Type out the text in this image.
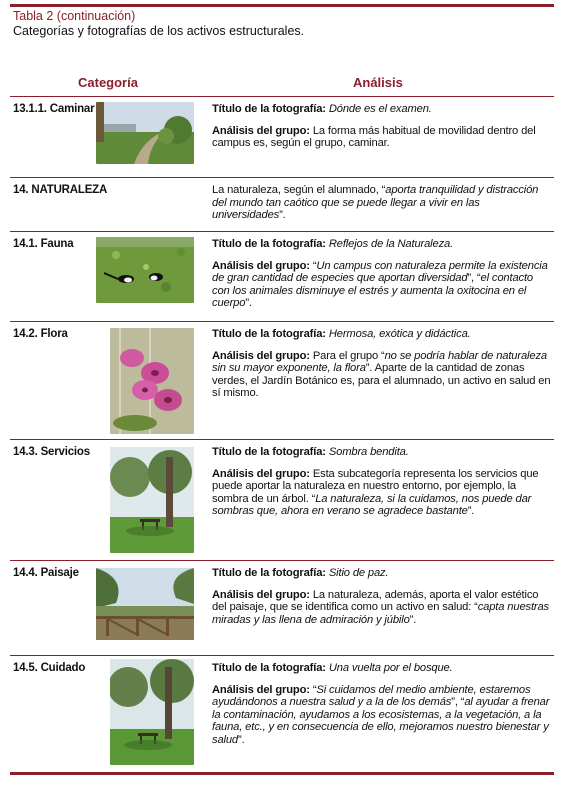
Tabla 2 (continuación)
Categorías y fotografías de los activos estructurales.
Categoría	Análisis
13.1.1. Caminar	Título de la fotografía: Dónde es el examen.

Análisis del grupo: La forma más habitual de movilidad dentro del campus es, según el grupo, caminar.

14. NATURALEZA	La naturaleza, según el alumnado, “aporta tranquilidad y distracción del mundo tan caótico que se puede llegar a vivir en las universidades”.

14.1. Fauna	Título de la fotografía: Reflejos de la Naturaleza.

Análisis del grupo: “Un campus con naturaleza permite la existencia de gran cantidad de especies que aportan diversidad”, “el contacto con los animales disminuye el estrés y aumenta la oxitocina en el cuerpo”.

14.2. Flora	Título de la fotografía: Hermosa, exótica y didáctica.

Análisis del grupo: Para el grupo “no se podría hablar de naturaleza sin su mayor exponente, la flora”. Aparte de la cantidad de zonas verdes, el Jardín Botánico es, para el alumnado, un activo en salud en sí mismo.

14.3. Servicios	Título de la fotografía: Sombra bendita.

Análisis del grupo: Esta subcategoría representa los servicios que puede aportar la naturaleza en nuestro entorno, por ejemplo, la sombra de un árbol. “La naturaleza, si la cuidamos, nos puede dar sombras que, ahora en verano se agradece bastante”.

14.4. Paisaje	Título de la fotografía: Sitio de paz.

Análisis del grupo: La naturaleza, además, aporta el valor estético del paisaje, que se identifica como un activo en salud: “capta nuestras miradas y las llena de admiración y júbilo”.

14.5. Cuidado	Título de la fotografía: Una vuelta por el bosque.

Análisis del grupo: “Si cuidamos del medio ambiente, estaremos ayudándonos a nuestra salud y a la de los demás”, “al ayudar a frenar la contaminación, ayudamos a los ecosistemas, a la vegetación, a la fauna, etc., y en consecuencia de ello, mejoramos nuestro bienestar y salud”.
